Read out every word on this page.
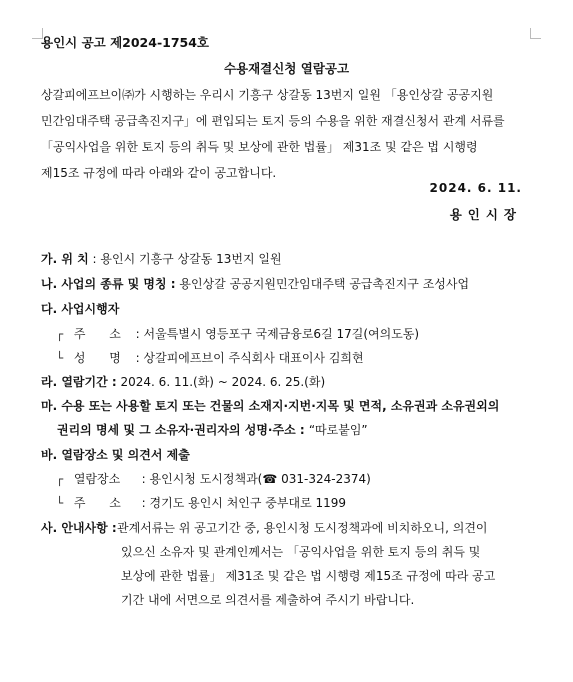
용인시 공고 제2024-1754호
수용재결신청 열람공고
상갈피에프브이㈜가 시행하는 우리시 기흥구 상갈동 13번지 일원 「용인상갈 공공지원
민간임대주택 공급촉진지구」에 편입되는 토지 등의 수용을 위한 재결신청서 관계 서류를
「공익사업을 위한 토지 등의 취득 및 보상에 관한 법률」 제31조 및 같은 법 시행령
제15조 규정에 따라 아래와 같이 공고합니다.
2024. 6. 11.
용인시장
가. 위 치 : 용인시 기흥구 상갈동 13번지 일원
나. 사업의 종류 및 명칭 : 용인상갈 공공지원민간임대주택 공급촉진지구 조성사업
다. 사업시행자
┌ 주 소 : 서울특별시 영등포구 국제금융로6길 17길(여의도동)
└ 성 명 : 상갈피에프브이 주식회사 대표이사 김희현
라. 열람기간 : 2024. 6. 11.(화) ~ 2024. 6. 25.(화)
마. 수용 또는 사용할 토지 또는 건물의 소재지·지번·지목 및 면적, 소유권과 소유권외의
권리의 명세 및 그 소유자·권리자의 성명·주소 : “따로붙임”
바. 열람장소 및 의견서 제출
┌ 열람장소 : 용인시청 도시정책과(☎ 031-324-2374)
└ 주 소 : 경기도 용인시 처인구 중부대로 1199
사. 안내사항 :관계서류는 위 공고기간 중, 용인시청 도시정책과에 비치하오니, 의견이
있으신 소유자 및 관계인께서는 「공익사업을 위한 토지 등의 취득 및
보상에 관한 법률」 제31조 및 같은 법 시행령 제15조 규정에 따라 공고
기간 내에 서면으로 의견서를 제출하여 주시기 바랍니다.
